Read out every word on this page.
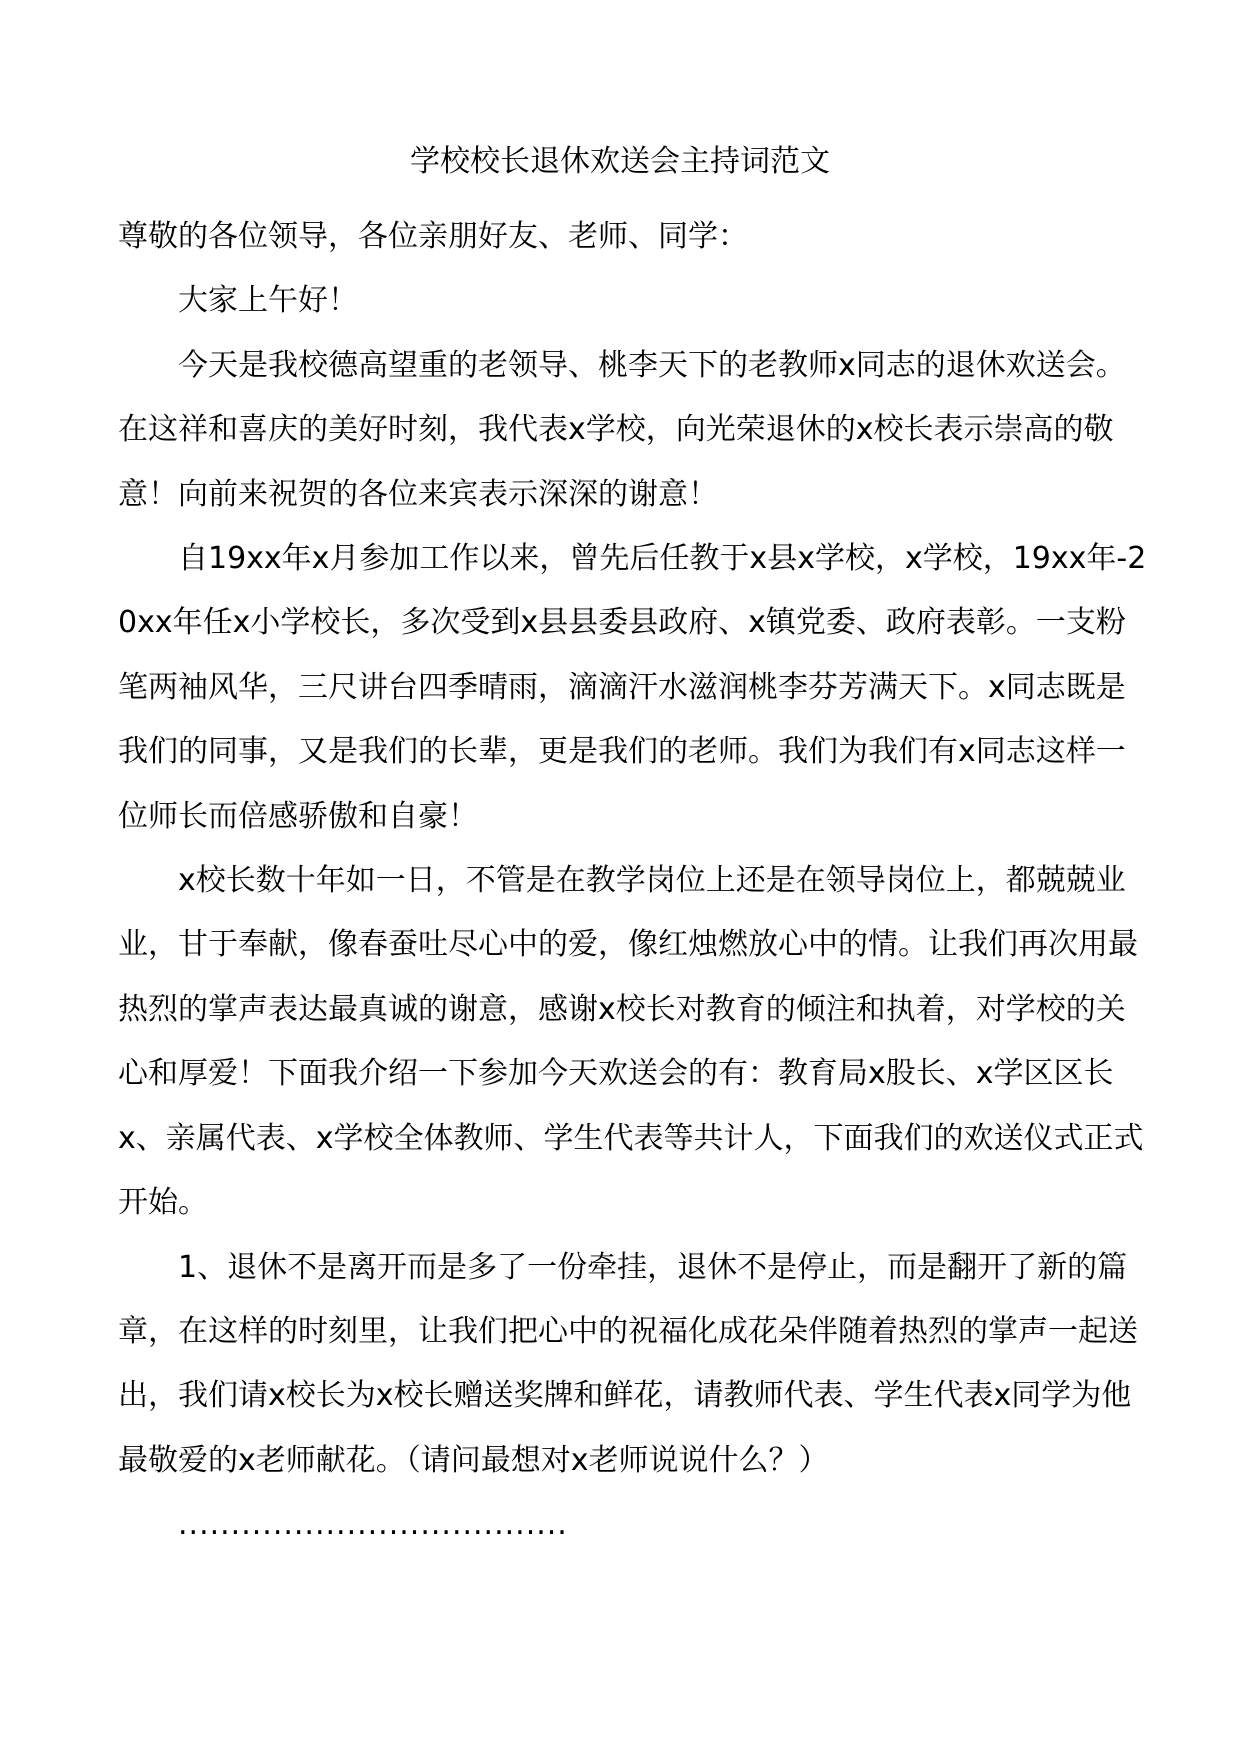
学校校长退休欢送会主持词范文

尊敬的各位领导，各位亲朋好友、老师、同学：

大家上午好！

今天是我校德高望重的老领导、桃李天下的老教师x同志的退休欢送会。在这祥和喜庆的美好时刻，我代表x学校，向光荣退休的x校长表示崇高的敬意！向前来祝贺的各位来宾表示深深的谢意！

自19xx年x月参加工作以来，曾先后任教于x县x学校，x学校，19xx年-20xx年任x小学校长，多次受到x县县委县政府、x镇党委、政府表彰。一支粉笔两袖风华，三尺讲台四季晴雨，滴滴汗水滋润桃李芬芳满天下。x同志既是我们的同事，又是我们的长辈，更是我们的老师。我们为我们有x同志这样一位师长而倍感骄傲和自豪！

x校长数十年如一日，不管是在教学岗位上还是在领导岗位上，都兢兢业业，甘于奉献，像春蚕吐尽心中的爱，像红烛燃放心中的情。让我们再次用最热烈的掌声表达最真诚的谢意，感谢x校长对教育的倾注和执着，对学校的关心和厚爱！下面我介绍一下参加今天欢送会的有：教育局x股长、x学区区长x、亲属代表、x学校全体教师、学生代表等共计人，下面我们的欢送仪式正式开始。

1、退休不是离开而是多了一份牵挂，退休不是停止，而是翻开了新的篇章，在这样的时刻里，让我们把心中的祝福化成花朵伴随着热烈的掌声一起送出，我们请x校长为x校长赠送奖牌和鲜花，请教师代表、学生代表x同学为他最敬爱的x老师献花。（请问最想对x老师说说什么？）

.....................................
